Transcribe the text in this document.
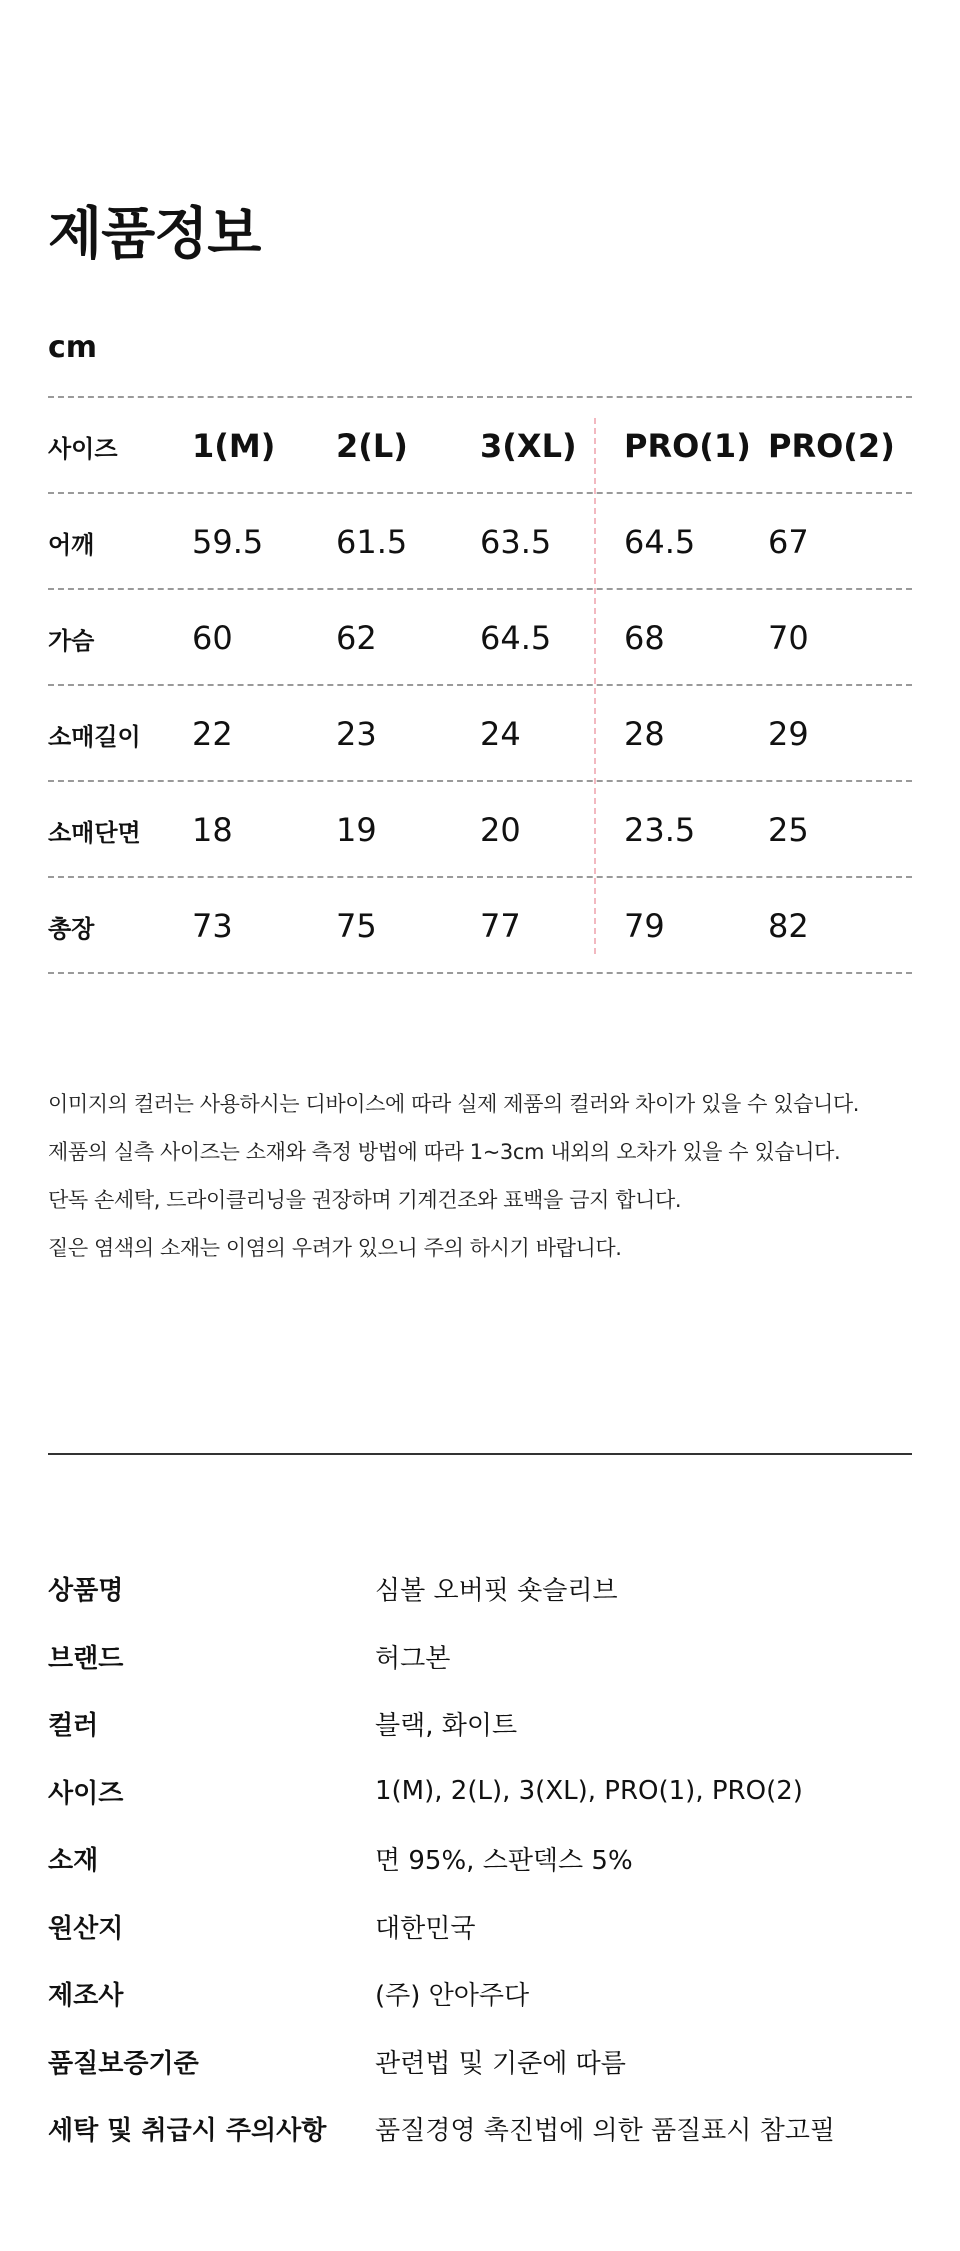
제품정보
cm
사이즈 1(M) 2(L) 3(XL) PRO(1) PRO(2)
어깨	59.5 61.5 63.5 64.5 67
가슴	60	62	64.5 68	70
소매길이 22	23	24	28	29
소매단면 18	19	20	23.5 25
총장	73	75	77	79	82

이미지의 컬러는 사용하시는 디바이스에 따라 실제 제품의 컬러와 차이가 있을 수 있습니다.

제품의 실측 사이즈는 소재와 측정 방법에 따라 1~3cm 내외의 오차가 있을 수 있습니다.

단독 손세탁, 드라이클리닝을 권장하며 기계건조와 표백을 금지 합니다.

짙은 염색의 소재는 이염의 우려가 있으니 주의 하시기 바랍니다.

상품명	심볼 오버핏 숏슬리브
브랜드	허그본
컬러	블랙, 화이트
사이즈	1(M), 2(L), 3(XL), PRO(1), PRO(2)
소재	면 95%, 스판덱스 5%
원산지	대한민국
제조사	(주) 안아주다
품질보증기준	관련법 및 기준에 따름
세탁 및 취급시 주의사항	품질경영 촉진법에 의한 품질표시 참고필
